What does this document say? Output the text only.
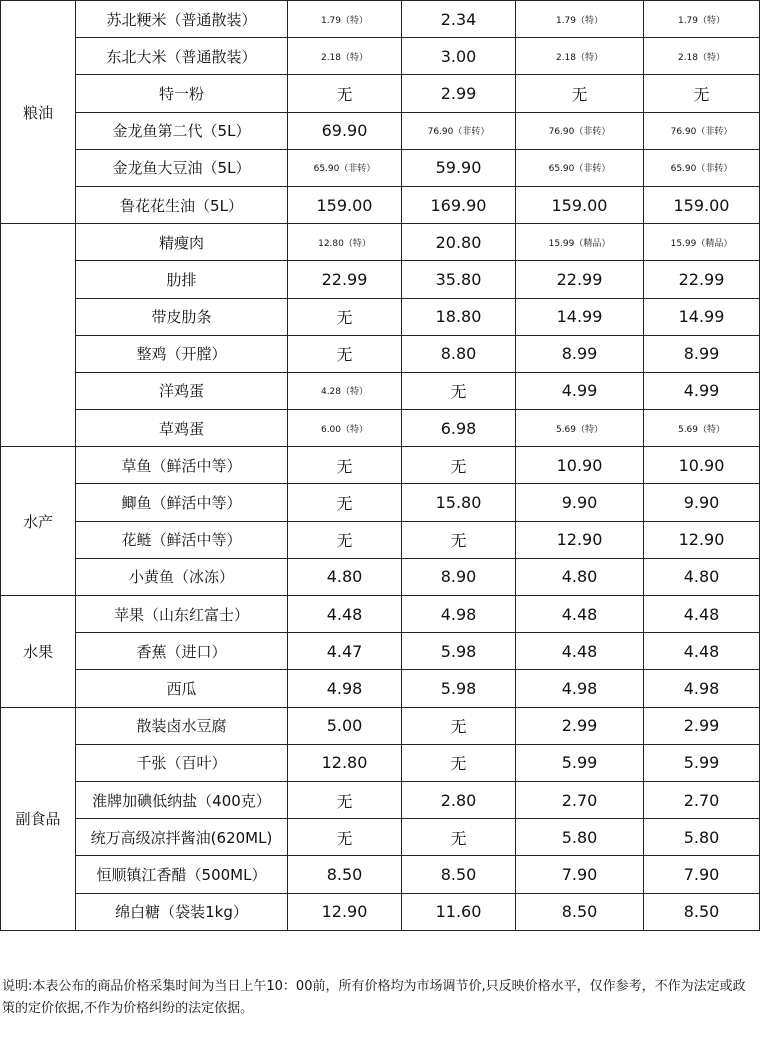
粮油	苏北粳米（普通散装）	1.79（特）	2.34	1.79（特）	1.79（特）
	东北大米（普通散装）	2.18（特）	3.00	2.18（特）	2.18（特）
	特一粉	无	2.99	无	无
	金龙鱼第二代（5L）	69.90	76.90（非转）	76.90（非转）	76.90（非转）
	金龙鱼大豆油（5L）	65.90（非转）	59.90	65.90（非转）	65.90（非转）
	鲁花花生油（5L）	159.00	169.90	159.00	159.00
	精瘦肉	12.80（特）	20.80	15.99（精品）	15.99（精品）
	肋排	22.99	35.80	22.99	22.99
	带皮肋条	无	18.80	14.99	14.99
	整鸡（开膛）	无	8.80	8.99	8.99
	洋鸡蛋	4.28（特）	无	4.99	4.99
	草鸡蛋	6.00（特）	6.98	5.69（特）	5.69（特）
水产	草鱼（鲜活中等）	无	无	10.90	10.90
	鲫鱼（鲜活中等）	无	15.80	9.90	9.90
	花鲢（鲜活中等）	无	无	12.90	12.90
	小黄鱼（冰冻）	4.80	8.90	4.80	4.80
水果	苹果（山东红富士）	4.48	4.98	4.48	4.48
	香蕉（进口）	4.47	5.98	4.48	4.48
	西瓜	4.98	5.98	4.98	4.98
副食品	散装卤水豆腐	5.00	无	2.99	2.99
	千张（百叶）	12.80	无	5.99	5.99
	淮牌加碘低纳盐（400克）	无	2.80	2.70	2.70
	统万高级凉拌酱油(620ML)	无	无	5.80	5.80
	恒顺镇江香醋（500ML）	8.50	8.50	7.90	7.90
	绵白糖（袋装1kg）	12.90	11.60	8.50	8.50
说明:本表公布的商品价格采集时间为当日上午10：00前，所有价格均为市场调节价,只反映价格水平，仅作参考，不作为法定或政策的定价依据,不作为价格纠纷的法定依据。
